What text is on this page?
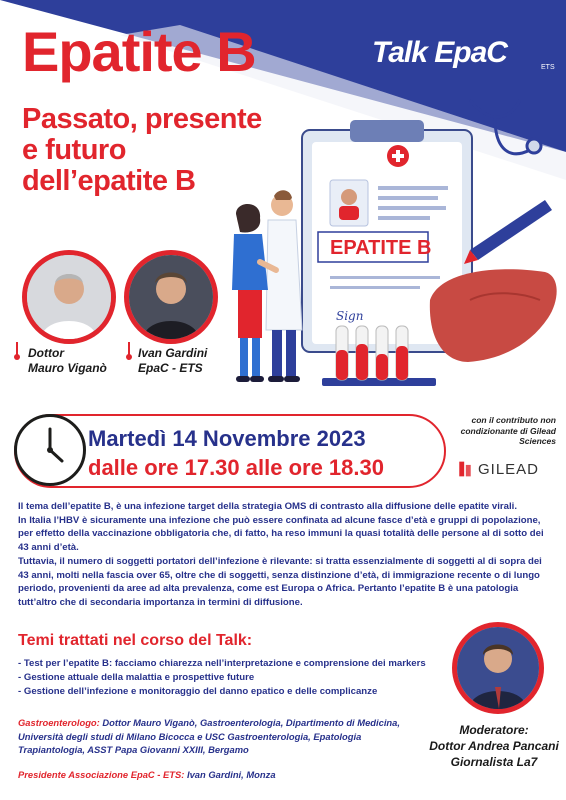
EPATITE B
Sign
Epatite B	Talk EpaC	ETS
Passato, presente e futuro dell’epatite B
Dottor
Mauro Viganò
Ivan Gardini
EpaC - ETS
Martedì 14 Novembre 2023
dalle ore 17.30 alle ore 18.30
con il contributo non condizionante di Gilead Sciences
GILEAD

Il tema dell’epatite B, è una infezione target della strategia OMS di contrasto alla diffusione delle epatite virali.

In Italia l’HBV è sicuramente una infezione che può essere confinata ad alcune fasce d’età e gruppi di popolazione, per effetto della vaccinazione obbligatoria che, di fatto, ha reso immuni la quasi totalità delle persone al di sotto dei 43 anni d’età.

Tuttavia, il numero di soggetti portatori dell’infezione è rilevante: si tratta essenzialmente di soggetti al di sopra dei 43 anni, molti nella fascia over 65, oltre che di soggetti, senza distinzione d’età, di immigrazione recente o di lungo periodo, provenienti da aree ad alta prevalenza, come est Europa o Africa. Pertanto l’epatite B è una patologia tutt’altro che di secondaria importanza in termini di diffusione.

Temi trattati nel corso del Talk:
- Test per l’epatite B: facciamo chiarezza nell’interpretazione e comprensione dei markers
- Gestione attuale della malattia e prospettive future
- Gestione dell’infezione e monitoraggio del danno epatico e delle complicanze
Moderatore:
Dottor Andrea Pancani
Giornalista La7
Gastroenterologo: Dottor Mauro Viganò, Gastroenterologia, Dipartimento di Medicina, Università degli studi di Milano Bicocca e USC Gastroenterologia, Epatologia Trapiantologia, ASST Papa Giovanni XXIII, Bergamo
Presidente Associazione EpaC - ETS: Ivan Gardini, Monza
